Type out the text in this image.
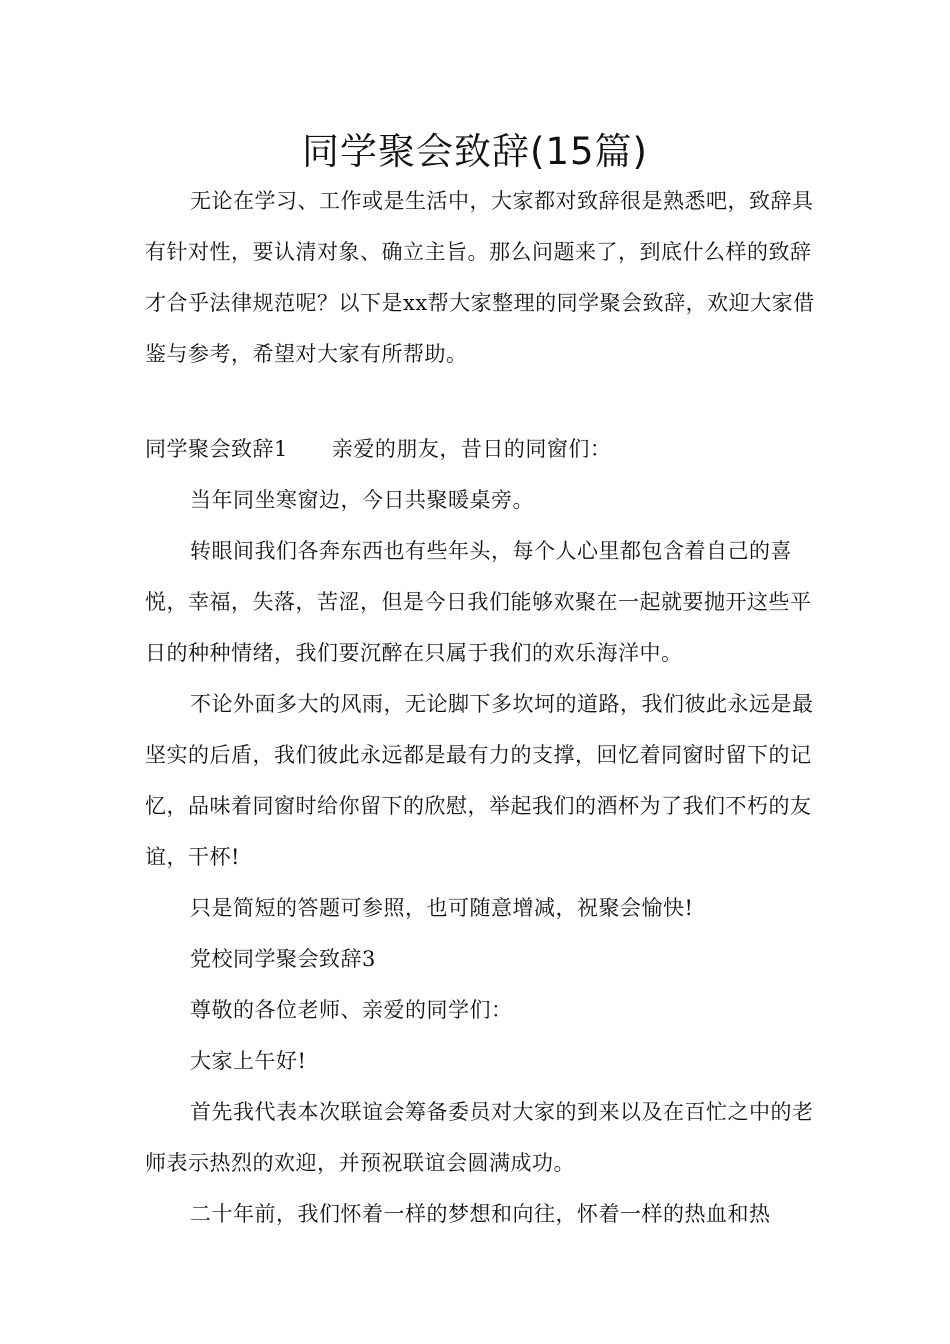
同学聚会致辞(15篇)

无论在学习、工作或是生活中，大家都对致辞很是熟悉吧，致辞具有针对性，要认清对象、确立主旨。那么问题来了，到底什么样的致辞才合乎法律规范呢？以下是xx帮大家整理的同学聚会致辞，欢迎大家借鉴与参考，希望对大家有所帮助。

同学聚会致辞1 亲爱的朋友，昔日的同窗们：

当年同坐寒窗边，今日共聚暖桌旁。

转眼间我们各奔东西也有些年头，每个人心里都包含着自己的喜悦，幸福，失落，苦涩，但是今日我们能够欢聚在一起就要抛开这些平日的种种情绪，我们要沉醉在只属于我们的欢乐海洋中。

不论外面多大的风雨，无论脚下多坎坷的道路，我们彼此永远是最坚实的后盾，我们彼此永远都是最有力的支撑，回忆着同窗时留下的记忆，品味着同窗时给你留下的欣慰，举起我们的酒杯为了我们不朽的友谊，干杯!

只是简短的答题可参照，也可随意增减，祝聚会愉快!

党校同学聚会致辞3

尊敬的各位老师、亲爱的同学们：

大家上午好!

首先我代表本次联谊会筹备委员对大家的到来以及在百忙之中的老师表示热烈的欢迎，并预祝联谊会圆满成功。

二十年前，我们怀着一样的梦想和向往，怀着一样的热血和热
